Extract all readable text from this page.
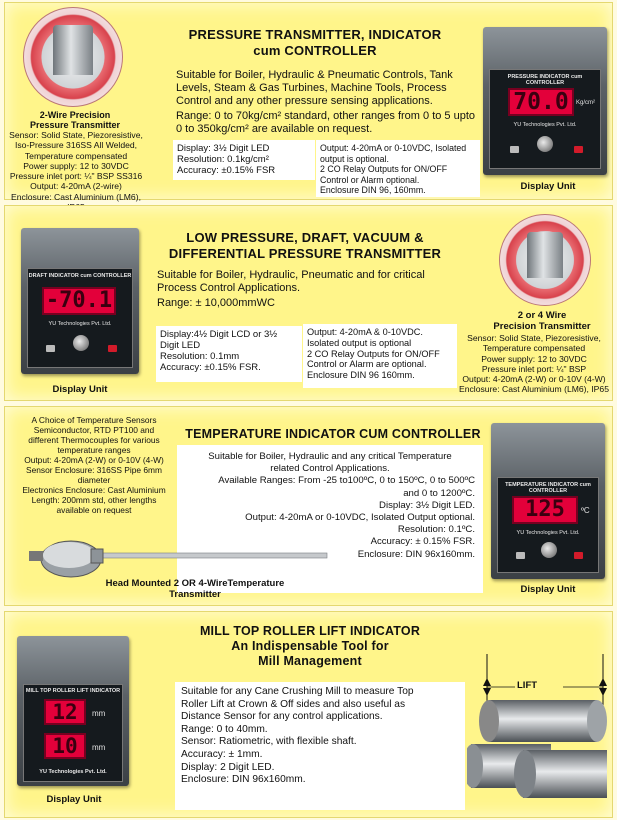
2-Wire Precision Pressure Transmitter
Sensor: Solid State, Piezoresistive,
Iso-Pressure 316SS All Welded,
Temperature compensated
Power supply: 12 to 30VDC
Pressure inlet port: ¼" BSP SS316
Output: 4-20mA (2-wire)
Enclosure: Cast Aluminium (LM6),
PRESSURE TRANSMITTER, INDICATOR
cum CONTROLLER
Suitable for Boiler, Hydraulic & Pneumatic Controls, Tank Levels, Steam & Gas Turbines, Machine Tools, Process Control and any other pressure sensing applications.
Range: 0 to 70kg/cm² standard, other ranges from 0 to 5 upto 0 to 350kg/cm² are available on request.
Display: 3½ Digit LED
Resolution: 0.1kg/cm²
Accuracy: ±0.15% FSR
Output: 4-20mA or 0-10VDC, Isolated output is optional.
2 CO Relay Outputs for ON/OFF Control or Alarm optional.
Enclosure DIN 96, 160mm.
PRESSURE INDICATOR cum CONTROLLER
70.0	Kg/cm²
YU Technologies Pvt. Ltd.
Display Unit
DRAFT INDICATOR cum CONTROLLER
-70.1
YU Technologies Pvt. Ltd.
Display Unit
LOW PRESSURE, DRAFT, VACUUM &
DIFFERENTIAL PRESSURE TRANSMITTER
Suitable for Boiler, Hydraulic, Pneumatic and for critical Process Control Applications.
Range: ± 10,000mmWC
Display:4½ Digit LCD or 3½ Digit LED
Resolution: 0.1mm
Accuracy: ±0.15% FSR.
Output: 4-20mA & 0-10VDC. Isolated output is optional
2 CO Relay Outputs for ON/OFF Control or Alarm are optional.
Enclosure DIN 96 160mm.
2 or 4 Wire
Precision Transmitter
Sensor: Solid State, Piezoresistive,
Temperature compensated
Power supply: 12 to 30VDC
Pressure inlet port: ¼" BSP
Output: 4-20mA (2-W) or 0-10V (4-W)
Enclosure: Cast Aluminium (LM6), IP65
A Choice of Temperature Sensors
Semiconductor, RTD PT100 and
different Thermocouples for various
temperature ranges
Output: 4-20mA (2-W) or 0-10V (4-W)
Sensor Enclosure: 316SS Pipe 6mm
diameter
Electronics Enclosure: Cast Aluminium
Length: 200mm std, other lengths
available on request
TEMPERATURE INDICATOR CUM CONTROLLER
Suitable for Boiler, Hydraulic and any critical Temperature
related Control Applications.
Available Ranges: From -25 to100ºC, 0 to 150ºC, 0 to 500ºC
and 0 to 1200ºC.
Display: 3½ Digit LED.
Output: 4-20mA or 0-10VDC, Isolated Output optional.
Resolution: 0.1ºC.
Accuracy: ± 0.15% FSR.
Enclosure: DIN 96x160mm.
Head Mounted 2 OR 4-WireTemperature
Transmitter
TEMPERATURE INDICATOR cum CONTROLLER
125	ºC
YU Technologies Pvt. Ltd.
Display Unit
MILL TOP ROLLER LIFT INDICATOR
12	mm
10	mm
YU Technologies Pvt. Ltd.
Display Unit
MILL TOP ROLLER LIFT INDICATOR
An Indispensable Tool for
Mill Management
Suitable for any Cane Crushing Mill to measure Top
Roller Lift at Crown & Off sides and also useful as
Distance Sensor for any control applications.
Range: 0 to 40mm.
Sensor: Ratiometric, with flexible shaft.
Accuracy: ± 1mm.
Display: 2 Digit LED.
Enclosure: DIN 96x160mm.
LIFT
